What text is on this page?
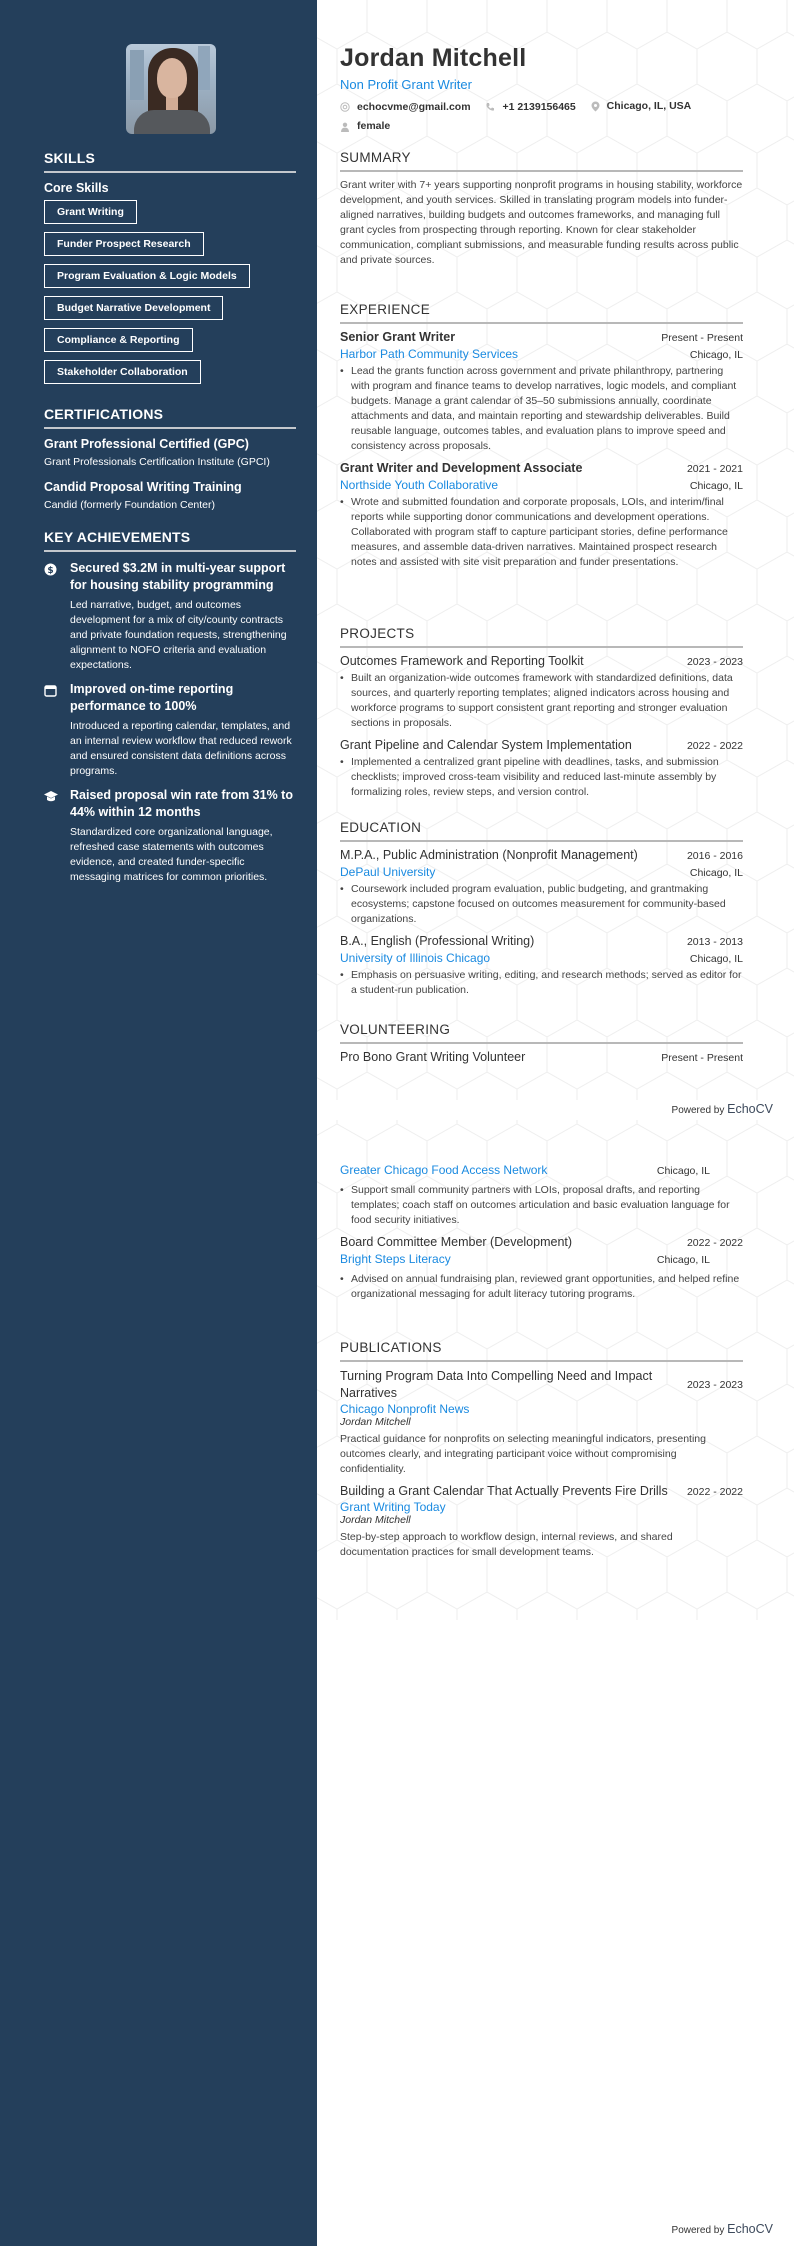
SKILLS
Core Skills
Grant Writing
Funder Prospect Research
Program Evaluation & Logic Models
Budget Narrative Development
Compliance & Reporting
Stakeholder Collaboration
CERTIFICATIONS
Grant Professional Certified (GPC)
Grant Professionals Certification Institute (GPCI)
Candid Proposal Writing Training
Candid (formerly Foundation Center)
KEY ACHIEVEMENTS
$ Secured $3.2M in multi-year support for housing stability programming
Led narrative, budget, and outcomes development for a mix of city/county contracts and private foundation requests, strengthening alignment to NOFO criteria and evaluation expectations.
Improved on-time reporting performance to 100%
Introduced a reporting calendar, templates, and an internal review workflow that reduced rework and ensured consistent data definitions across programs.
Raised proposal win rate from 31% to 44% within 12 months
Standardized core organizational language, refreshed case statements with outcomes evidence, and created funder-specific messaging matrices for common priorities.
Jordan Mitchell
Non Profit Grant Writer
echocvme@gmail.com
	+1 2139156465
	Chicago, IL, USA

female
SUMMARY
Grant writer with 7+ years supporting nonprofit programs in housing stability, workforce development, and youth services. Skilled in translating program models into funder-aligned narratives, building budgets and outcomes frameworks, and managing full grant cycles from prospecting through reporting. Known for clear stakeholder communication, compliant submissions, and measurable funding results across public and private sources.
EXPERIENCE
Senior Grant Writer	Present - Present
Harbor Path Community Services	Chicago, IL
• Lead the grants function across government and private philanthropy, partnering with program and finance teams to develop narratives, logic models, and compliant budgets. Manage a grant calendar of 35–50 submissions annually, coordinate attachments and data, and maintain reporting and stewardship deliverables. Build reusable language, outcomes tables, and evaluation plans to improve speed and consistency across proposals.
Grant Writer and Development Associate	2021 - 2021
Northside Youth Collaborative	Chicago, IL
• Wrote and submitted foundation and corporate proposals, LOIs, and interim/final reports while supporting donor communications and development operations. Collaborated with program staff to capture participant stories, define performance measures, and assemble data-driven narratives. Maintained prospect research notes and assisted with site visit preparation and funder presentations.
PROJECTS
Outcomes Framework and Reporting Toolkit	2023 - 2023
• Built an organization-wide outcomes framework with standardized definitions, data sources, and quarterly reporting templates; aligned indicators across housing and workforce programs to support consistent grant reporting and stronger evaluation sections in proposals.
Grant Pipeline and Calendar System Implementation	2022 - 2022
• Implemented a centralized grant pipeline with deadlines, tasks, and submission checklists; improved cross-team visibility and reduced last-minute assembly by formalizing roles, review steps, and version control.
EDUCATION
M.P.A., Public Administration (Nonprofit Management)	2016 - 2016
DePaul University	Chicago, IL
• Coursework included program evaluation, public budgeting, and grantmaking ecosystems; capstone focused on outcomes measurement for community-based organizations.
B.A., English (Professional Writing)	2013 - 2013
University of Illinois Chicago	Chicago, IL
• Emphasis on persuasive writing, editing, and research methods; served as editor for a student-run publication.
VOLUNTEERING
Pro Bono Grant Writing Volunteer	Present - Present
Powered by EchoCV
Greater Chicago Food Access Network	Chicago, IL
• Support small community partners with LOIs, proposal drafts, and reporting templates; coach staff on outcomes articulation and basic evaluation language for food security initiatives.
Board Committee Member (Development)	2022 - 2022
Bright Steps Literacy	Chicago, IL
• Advised on annual fundraising plan, reviewed grant opportunities, and helped refine organizational messaging for adult literacy tutoring programs.
PUBLICATIONS
Turning Program Data Into Compelling Need and Impact Narratives
2023 - 2023
Chicago Nonprofit News
Jordan Mitchell
Practical guidance for nonprofits on selecting meaningful indicators, presenting outcomes clearly, and integrating participant voice without compromising confidentiality.
Building a Grant Calendar That Actually Prevents Fire Drills 2022 - 2022
Grant Writing Today
Jordan Mitchell
Step-by-step approach to workflow design, internal reviews, and shared documentation practices for small development teams.
Powered by EchoCV
